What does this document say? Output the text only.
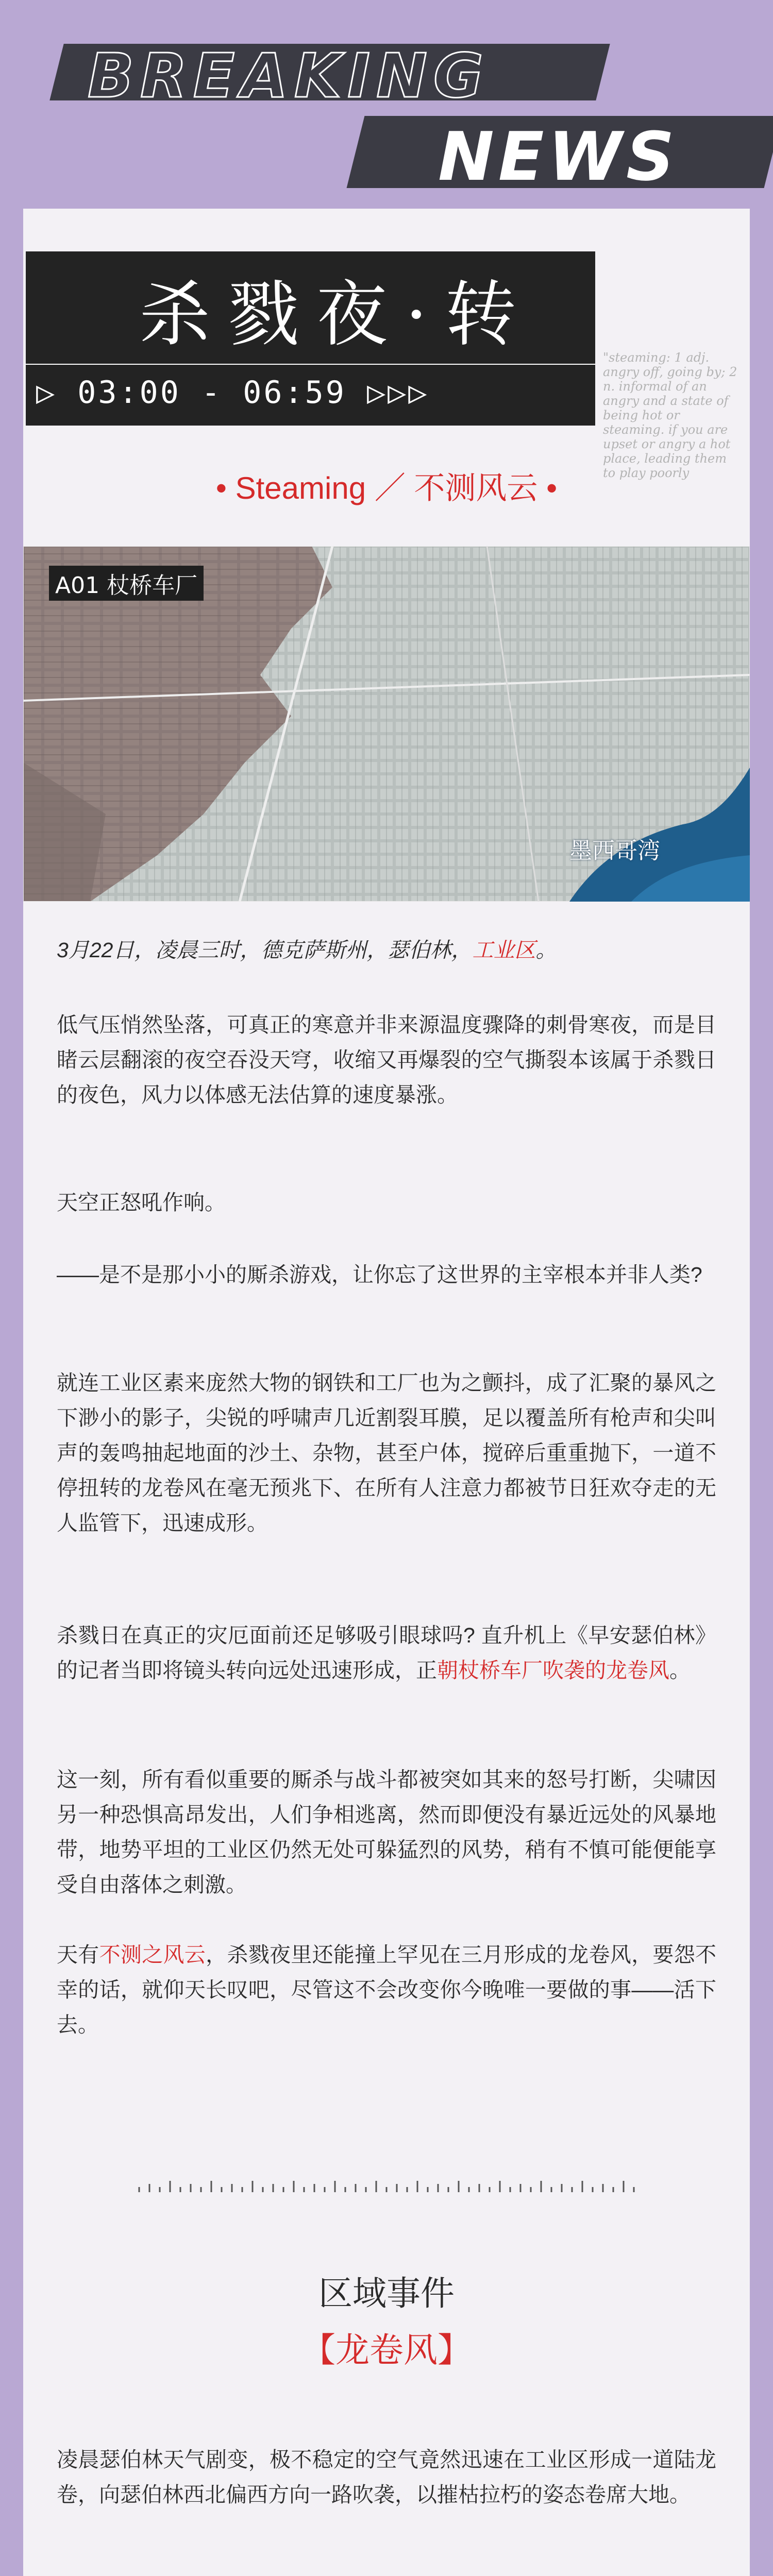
BREAKING
NEWS
杀戮夜·转
▷ 03:00 - 06:59 ▷▷▷
"steaming: 1 adj. angry off, going by; 2 n. informal of an angry and a state of being hot or steaming. if you are upset or angry a hot place, leading them to play poorly
• Steaming ／ 不测风云 •
A01 杖桥车厂
墨西哥湾
3月22日，凌晨三时，德克萨斯州，瑟伯林，工业区。
低气压悄然坠落，可真正的寒意并非来源温度骤降的刺骨寒夜，而是目睹云层翻滚的夜空吞没天穹，收缩又再爆裂的空气撕裂本该属于杀戮日的夜色，风力以体感无法估算的速度暴涨。
天空正怒吼作响。
——是不是那小小的厮杀游戏，让你忘了这世界的主宰根本并非人类?
就连工业区素来庞然大物的钢铁和工厂也为之颤抖，成了汇聚的暴风之下渺小的影子，尖锐的呼啸声几近割裂耳膜，足以覆盖所有枪声和尖叫声的轰鸣抽起地面的沙土、杂物，甚至户体，搅碎后重重抛下，一道不停扭转的龙卷风在毫无预兆下、在所有人注意力都被节日狂欢夺走的无人监管下，迅速成形。
杀戮日在真正的灾厄面前还足够吸引眼球吗? 直升机上《早安瑟伯林》的记者当即将镜头转向远处迅速形成，正朝杖桥车厂吹袭的龙卷风。
这一刻，所有看似重要的厮杀与战斗都被突如其来的怒号打断，尖啸因另一种恐惧高昂发出，人们争相逃离，然而即便没有暴近远处的风暴地带，地势平坦的工业区仍然无处可躲猛烈的风势，稍有不慎可能便能享受自由落体之刺激。
天有不测之风云，杀戮夜里还能撞上罕见在三月形成的龙卷风，要怨不幸的话，就仰天长叹吧，尽管这不会改变你今晚唯一要做的事——活下去。
区域事件
【龙卷风】
凌晨瑟伯林天气剧变，极不稳定的空气竟然迅速在工业区形成一道陆龙卷，向瑟伯林西北偏西方向一路吹袭，以摧枯拉朽的姿态卷席大地。
